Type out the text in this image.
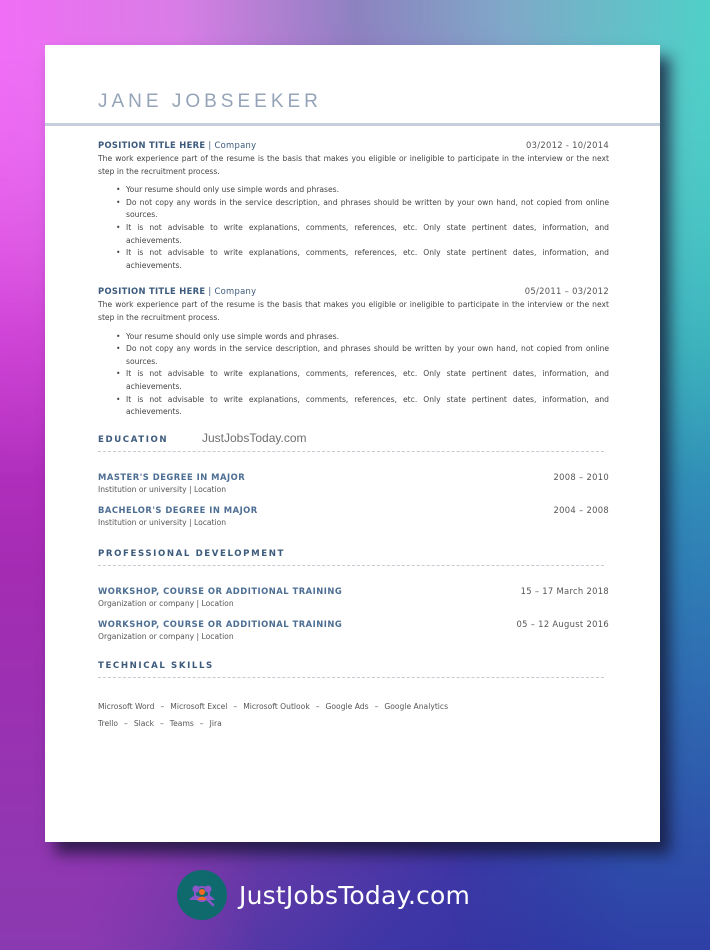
JANE JOBSEEKER
POSITION TITLE HERE | Company	03/2012 - 10/2014
The work experience part of the resume is the basis that makes you eligible or ineligible to participate in the interview or the next step in the recruitment process.
• Your resume should only use simple words and phrases.
• Do not copy any words in the service description, and phrases should be written by your own hand, not copied from online sources.
• It is not advisable to write explanations, comments, references, etc. Only state pertinent dates, information, and achievements.
• It is not advisable to write explanations, comments, references, etc. Only state pertinent dates, information, and achievements.
POSITION TITLE HERE | Company	05/2011 – 03/2012
The work experience part of the resume is the basis that makes you eligible or ineligible to participate in the interview or the next step in the recruitment process.
• Your resume should only use simple words and phrases.
• Do not copy any words in the service description, and phrases should be written by your own hand, not copied from online sources.
• It is not advisable to write explanations, comments, references, etc. Only state pertinent dates, information, and achievements.
• It is not advisable to write explanations, comments, references, etc. Only state pertinent dates, information, and achievements.
EDUCATION	JustJobsToday.com
MASTER'S DEGREE IN MAJOR	2008 – 2010
Institution or university | Location
BACHELOR'S DEGREE IN MAJOR	2004 – 2008
Institution or university | Location
PROFESSIONAL DEVELOPMENT
WORKSHOP, COURSE OR ADDITIONAL TRAINING	15 – 17 March 2018
Organization or company | Location
WORKSHOP, COURSE OR ADDITIONAL TRAINING	05 – 12 August 2016
Organization or company | Location
TECHNICAL SKILLS
Microsoft Word – Microsoft Excel – Microsoft Outlook – Google Ads – Google Analytics
Trello – Slack – Teams – Jira
JustJobsToday.com
